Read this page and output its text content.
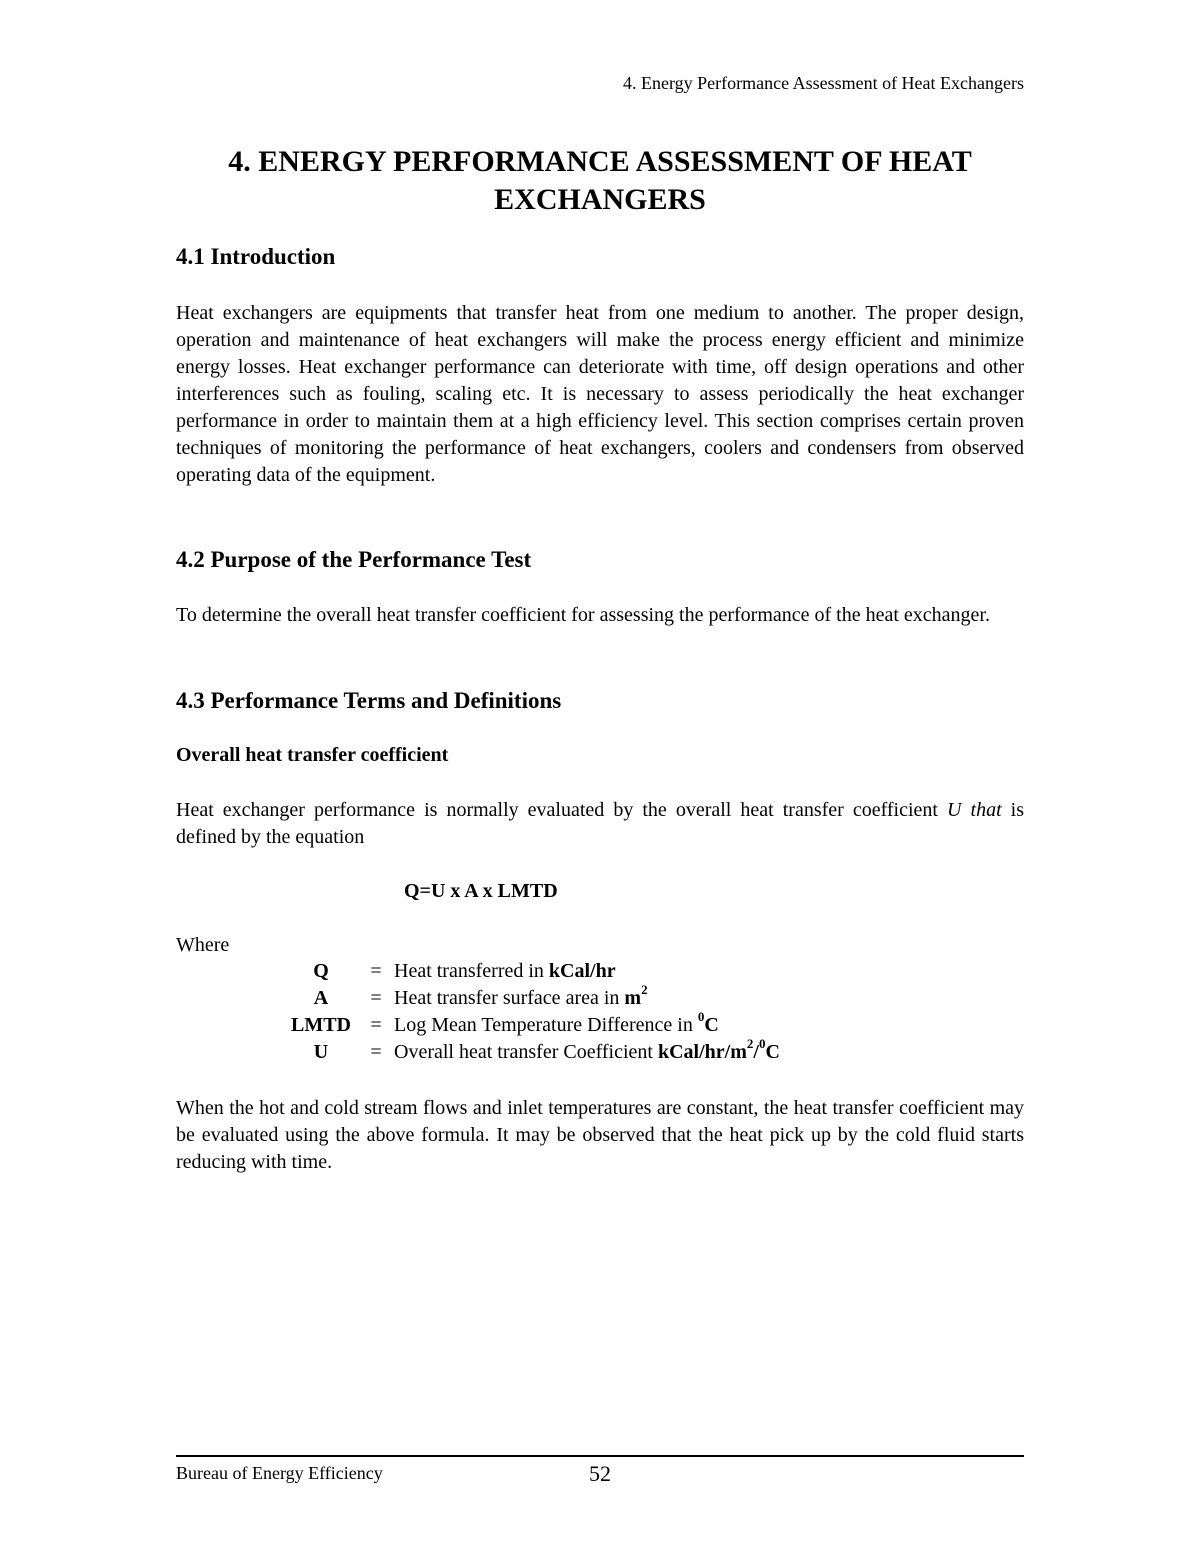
4. Energy Performance Assessment of Heat Exchangers
4. ENERGY PERFORMANCE ASSESSMENT OF HEAT
EXCHANGERS
4.1 Introduction

Heat exchangers are equipments that transfer heat from one medium to another. The proper design, operation and maintenance of heat exchangers will make the process energy efficient and minimize energy losses. Heat exchanger performance can deteriorate with time, off design operations and other interferences such as fouling, scaling etc. It is necessary to assess periodically the heat exchanger performance in order to maintain them at a high efficiency level. This section comprises certain proven techniques of monitoring the performance of heat exchangers, coolers and condensers from observed operating data of the equipment.

4.2 Purpose of the Performance Test

To determine the overall heat transfer coefficient for assessing the performance of the heat exchanger.

4.3 Performance Terms and Definitions
Overall heat transfer coefficient

Heat exchanger performance is normally evaluated by the overall heat transfer coefficient U that is defined by the equation

Q=U x A x LMTD
Where
Q	= Heat transferred in kCal/hr
A	= Heat transfer surface area in $m^2$
LMTD = Log Mean Temperature Difference in $^0$C
U	= Overall heat transfer Coefficient kCal/$hr/m^2/^0C$

When the hot and cold stream flows and inlet temperatures are constant, the heat transfer coefficient may be evaluated using the above formula. It may be observed that the heat pick up by the cold fluid starts reducing with time.

Bureau of Energy Efficiency	52
